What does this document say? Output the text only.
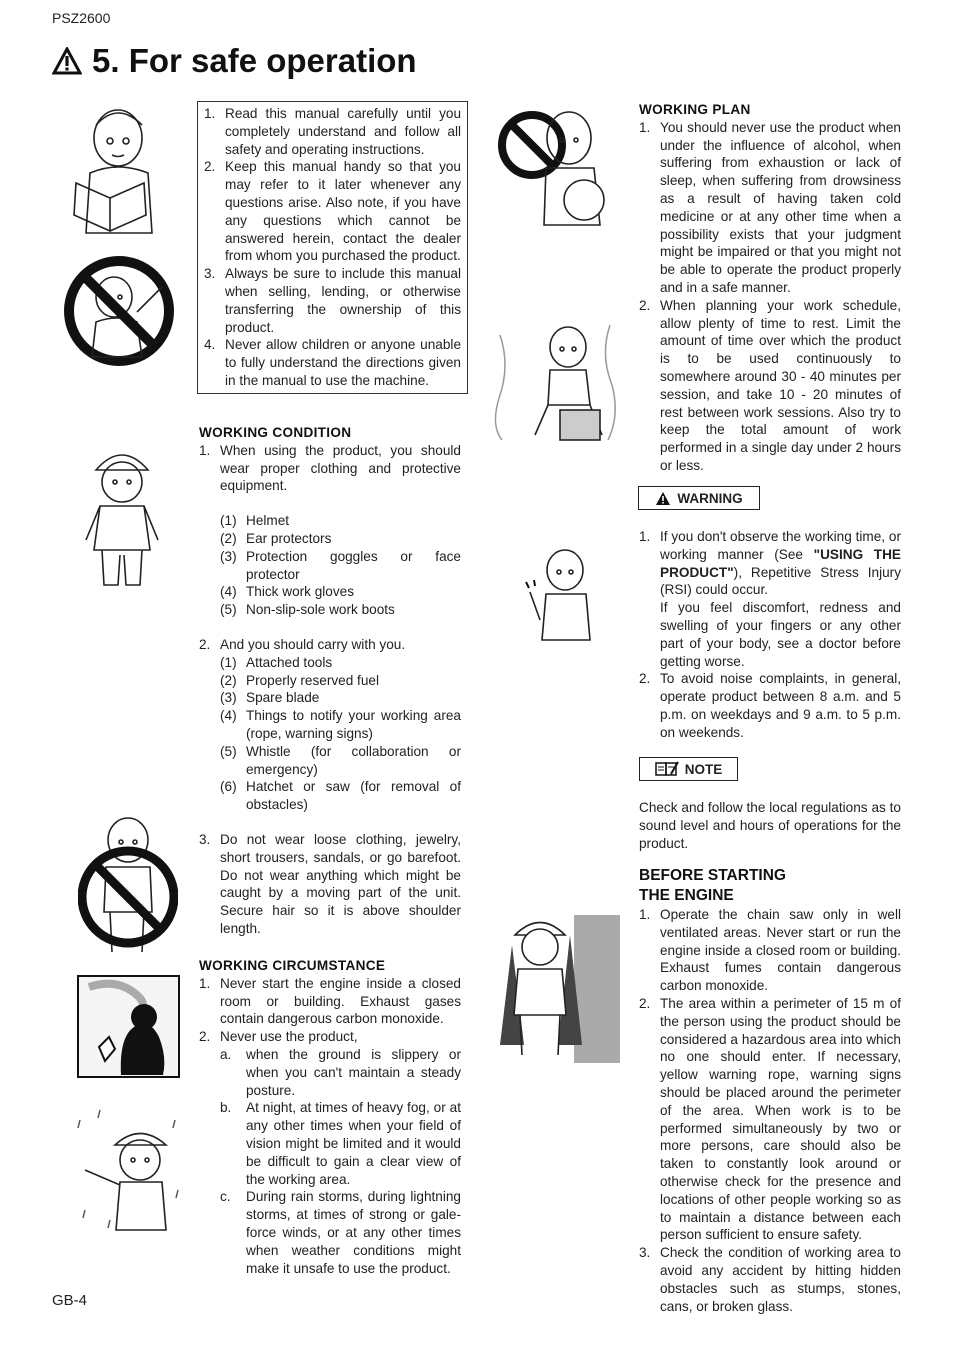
PSZ2600
5. For safe operation
1. Read this manual carefully until you completely understand and follow all safety and operating instructions.
2. Keep this manual handy so that you may refer to it later whenever any questions arise. Also note, if you have any questions which cannot be answered herein, contact the dealer from whom you purchased the product.
3. Always be sure to include this manual when selling, lending, or otherwise transferring the ownership of this product.
4. Never allow children or anyone unable to fully understand the directions given in the manual to use the machine.
WORKING CONDITION
1. When using the product, you should wear proper clothing and protective equipment.
(1) Helmet
(2) Ear protectors
(3) Protection goggles or face protector
(4) Thick work gloves
(5) Non-slip-sole work boots
2. And you should carry with you.
(1) Attached tools
(2) Properly reserved fuel
(3) Spare blade
(4) Things to notify your working area (rope, warning signs)
(5) Whistle (for collaboration or emergency)
(6) Hatchet or saw (for removal of obstacles)
3. Do not wear loose clothing, jewelry, short trousers, sandals, or go barefoot. Do not wear anything which might be caught by a moving part of the unit. Secure hair so it is above shoulder length.
WORKING CIRCUMSTANCE
1. Never start the engine inside a closed room or building. Exhaust gases contain dangerous carbon monoxide.
2. Never use the product,
a. when the ground is slippery or when you can't maintain a steady posture.
b. At night, at times of heavy fog, or at any other times when your field of vision might be limited and it would be difficult to gain a clear view of the working area.
c. During rain storms, during lightning storms, at times of strong or gale-force winds, or at any other times when weather conditions might make it unsafe to use the product.
WORKING PLAN
1. You should never use the product when under the influence of alcohol, when suffering from exhaustion or lack of sleep, when suffering from drowsiness as a result of having taken cold medicine or at any other time when a possibility exists that your judgment might be impaired or that you might not be able to operate the product properly and in a safe manner.
2. When planning your work schedule, allow plenty of time to rest. Limit the amount of time over which the product is to be used continuously to somewhere around 30 - 40 minutes per session, and take 10 - 20 minutes of rest between work sessions. Also try to keep the total amount of work performed in a single day under 2 hours or less.
WARNING
1. If you don't observe the working time, or working manner (See "USING THE PRODUCT"), Repetitive Stress Injury (RSI) could occur.
If you feel discomfort, redness and swelling of your fingers or any other part of your body, see a doctor before getting worse.
2. To avoid noise complaints, in general, operate product between 8 a.m. and 5 p.m. on weekdays and 9 a.m. to 5 p.m. on weekends.
NOTE
Check and follow the local regulations as to sound level and hours of operations for the product.
BEFORE STARTING
THE ENGINE
1. Operate the chain saw only in well ventilated areas. Never start or run the engine inside a closed room or building. Exhaust fumes contain dangerous carbon monoxide.
2. The area within a perimeter of 15 m of the person using the product should be considered a hazardous area into which no one should enter. If necessary, yellow warning rope, warning signs should be placed around the perimeter of the area. When work is to be performed simultaneously by two or more persons, care should also be taken to constantly look around or otherwise check for the presence and locations of other people working so as to maintain a distance between each person sufficient to ensure safety.
3. Check the condition of working area to avoid any accident by hitting hidden obstacles such as stumps, stones, cans, or broken glass.
GB-4
